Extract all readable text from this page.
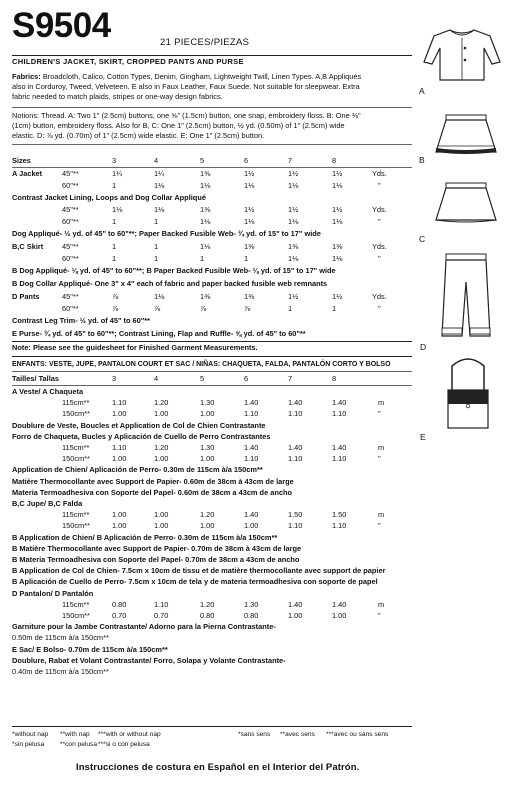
S9504	21 PIECES/PIEZAS
CHILDREN'S JACKET, SKIRT, CROPPED PANTS AND PURSE
Fabrics: Broadcloth, Calico, Cotton Types, Denim, Gingham, Lightweight Twill, Linen Types. A,B Appliqués
also in Corduroy, Tweed, Velveteen. E also in Faux Leather, Faux Suede. Not suitable for sleepwear. Extra
fabric needed to match plaids, stripes or one-way design fabrics.
Notions: Thread. A: Two 1" (2.5cm) buttons, one ⅝" (1.5cm) button, one snap, embroidery floss. B: One ⅜"
(1cm) button, embroidery floss. Also for B, C: One 1" (2.5cm) button, ½ yd. (0.50m) of 1" (2.5cm) wide
elastic. D: ⅞ yd. (0.70m) of 1" (2.5cm) wide elastic. E: One 1" (2.5cm) button.
Sizes	3	4	5	6	7	8
A Jacket	45"**	1¼	1¼	1⅜	1½	1½	1½	Yds.
60"**	1	1⅛	1⅛	1⅛	1⅛	1⅛	"
Contrast Jacket Lining, Loops and Dog Collar Appliqué
45"**	1⅛	1⅛	1⅜	1½	1½	1½	Yds.
60"**	1	1	1⅛	1⅛	1⅛	1⅛	"
Dog Appliqué- ½ yd. of 45" to 60"**; Paper Backed Fusible Web- ¾ yd. of 15" to 17" wide
B,C Skirt	45"**	1	1	1⅛	1⅜	1⅜	1⅜	Yds.
60"**	1	1	1	1	1⅛	1⅛	"
B Dog Appliqué- ⅛ yd. of 45" to 60"**; B Paper Backed Fusible Web- ⅛ yd. of 15" to 17" wide
B Dog Collar Appliqué- One 3" x 4" each of fabric and paper backed fusible web remnants
D Pants	45"**	⅞	1⅛	1⅜	1⅜	1½	1½	Yds.
60"**	⅞	⅞	⅞	⅞	1	1	"
Contrast Leg Trim- ½ yd. of 45" to 60"**
E Purse- ¾ yd. of 45" to 60"**; Contrast Lining, Flap and Ruffle- ⅝ yd. of 45" to 60"**
Note: Please see the guidesheet for Finished Garment Measurements.
ENFANTS: VESTE, JUPE, PANTALON COURT ET SAC / NIÑAS: CHAQUETA, FALDA, PANTALÓN CORTO Y BOLSO
Tailles/ Tallas	3	4	5	6	7	8
A Veste/ A Chaqueta
115cm**	1.10	1.20	1.30	1.40	1.40	1.40	m
150cm**	1.00	1.00	1.00	1.10	1.10	1.10	"
Doublure de Veste, Boucles et Application de Col de Chien Contrastante
Forro de Chaqueta, Bucles y Aplicación de Cuello de Perro Contrastantes
115cm**	1.10	1.20	1.30	1.40	1.40	1.40	m
150cm**	1.00	1.00	1.00	1.10	1.10	1.10	"
Application de Chien/ Aplicación de Perro- 0.30m de 115cm à/a 150cm**
Matière Thermocollante avec Support de Papier- 0.60m de 38cm à 43cm de large
Materia Termoadhesiva con Soporte del Papel- 0.60m de 38cm a 43cm de ancho
B,C Jupe/ B,C Falda
115cm**	1.00	1.00	1.20	1.40	1.50	1.50	m
150cm**	1.00	1.00	1.00	1.00	1.10	1.10	"
B Application de Chien/ B Aplicación de Perro- 0.30m de 115cm à/a 150cm**
B Matière Thermocollante avec Support de Papier- 0.70m de 38cm à 43cm de large
B Materia Termoadhesiva con Soporte del Papel- 0.70m de 38cm a 43cm de ancho
B Application de Col de Chien- 7.5cm x 10cm de tissu et de matière thermocollante avec support de papier
B Aplicación de Cuello de Perro- 7.5cm x 10cm de tela y de materia termoadhesiva con soporte de papel
D Pantalon/ D Pantalón
115cm**	0.80	1.10	1.20	1.30	1.40	1.40	m
150cm**	0.70	0.70	0.80	0.80	1.00	1.00	"
Garniture pour la Jambe Contrastante/ Adorno para la Pierna Contrastante-
0.50m de 115cm à/a 150cm**
E Sac/ E Bolso- 0.70m de 115cm à/a 150cm**
Doublure, Rabat et Volant Contrastante/ Forro, Solapa y Volante Contrastante-
0.40m de 115cm à/a 150cm**
*without nap **with nap ***with or without nap
*sin pelusa **con pelusa ***si o con pelusa
*sans sens **avec sens ***avec ou sans sens
Instrucciones de costura en Español en el Interior del Patrón.
A
B
C
D
E
